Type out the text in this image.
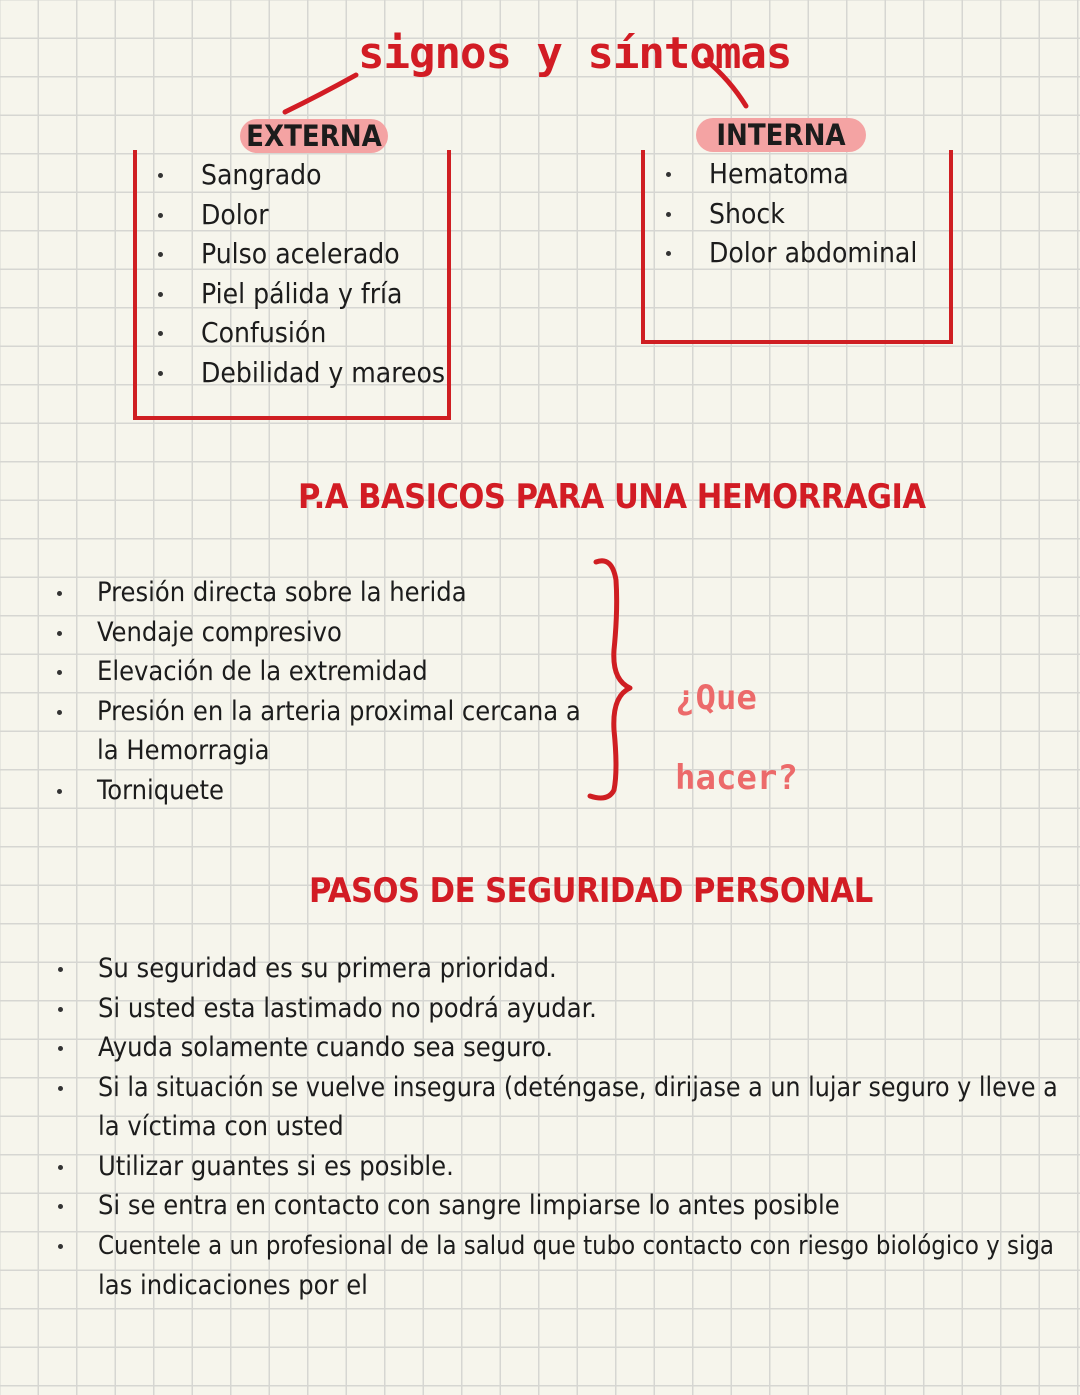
signos y síntomas
EXTERNA
Sangrado
Dolor
Pulso acelerado
Piel pálida y fría
Confusión
Debilidad y mareos
INTERNA
Hematoma
Shock
Dolor abdominal
P.A BASICOS PARA UNA HEMORRAGIA
Presión directa sobre la herida
Vendaje compresivo
Elevación de la extremidad
Presión en la arteria proximal cercana a
la Hemorragia
Torniquete

¿Que

hacer?

PASOS DE SEGURIDAD PERSONAL
Su seguridad es su primera prioridad.
Si usted esta lastimado no podrá ayudar.
Ayuda solamente cuando sea seguro.
Si la situación se vuelve insegura (deténgase, dirijase a un lujar seguro y lleve a
la víctima con usted
Utilizar guantes si es posible.
Si se entra en contacto con sangre limpiarse lo antes posible
Cuentele a un profesional de la salud que tubo contacto con riesgo biológico y siga
las indicaciones por el
